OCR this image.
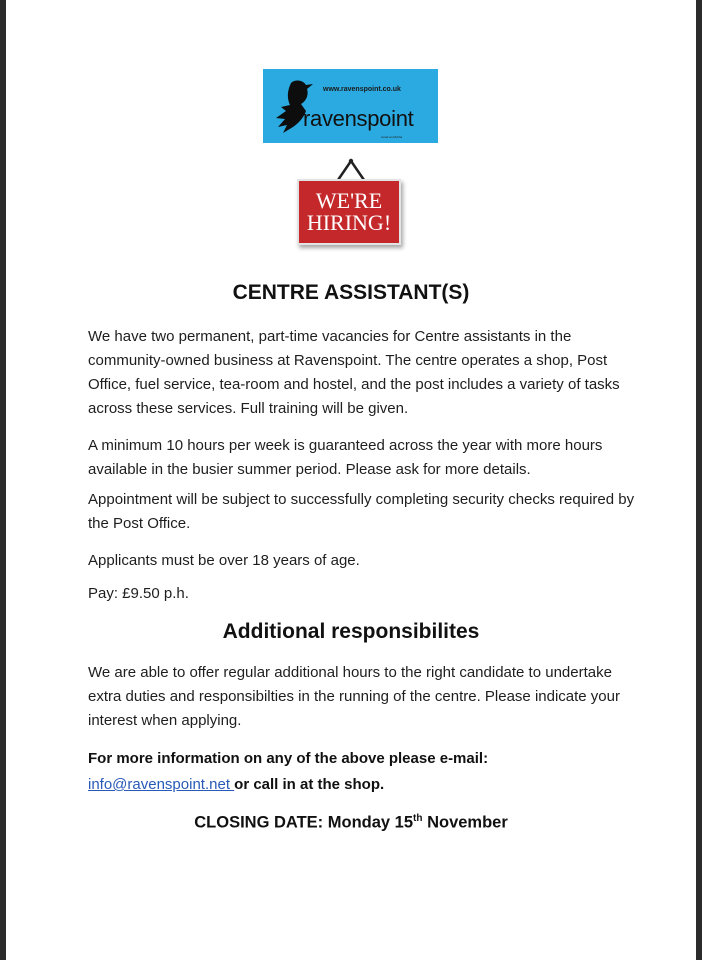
www.ravenspoint.co.uk
ravenspoint
ionad an Rubha
WE'RE
HIRING!
CENTRE ASSISTANT(S)

We have two permanent, part-time vacancies for Centre assistants in the community-owned business at Ravenspoint. The centre operates a shop, Post Office, fuel service, tea-room and hostel, and the post includes a variety of tasks across these services. Full training will be given.

A minimum 10 hours per week is guaranteed across the year with more hours available in the busier summer period. Please ask for more details.

Appointment will be subject to successfully completing security checks required by the Post Office.

Applicants must be over 18 years of age.

Pay: £9.50 p.h.

Additional responsibilites

We are able to offer regular additional hours to the right candidate to undertake extra duties and responsibilties in the running of the centre. Please indicate your interest when applying.

For more information on any of the above please e-mail:
info@ravenspoint.net or call in at the shop.

CLOSING DATE: Monday 15th November
